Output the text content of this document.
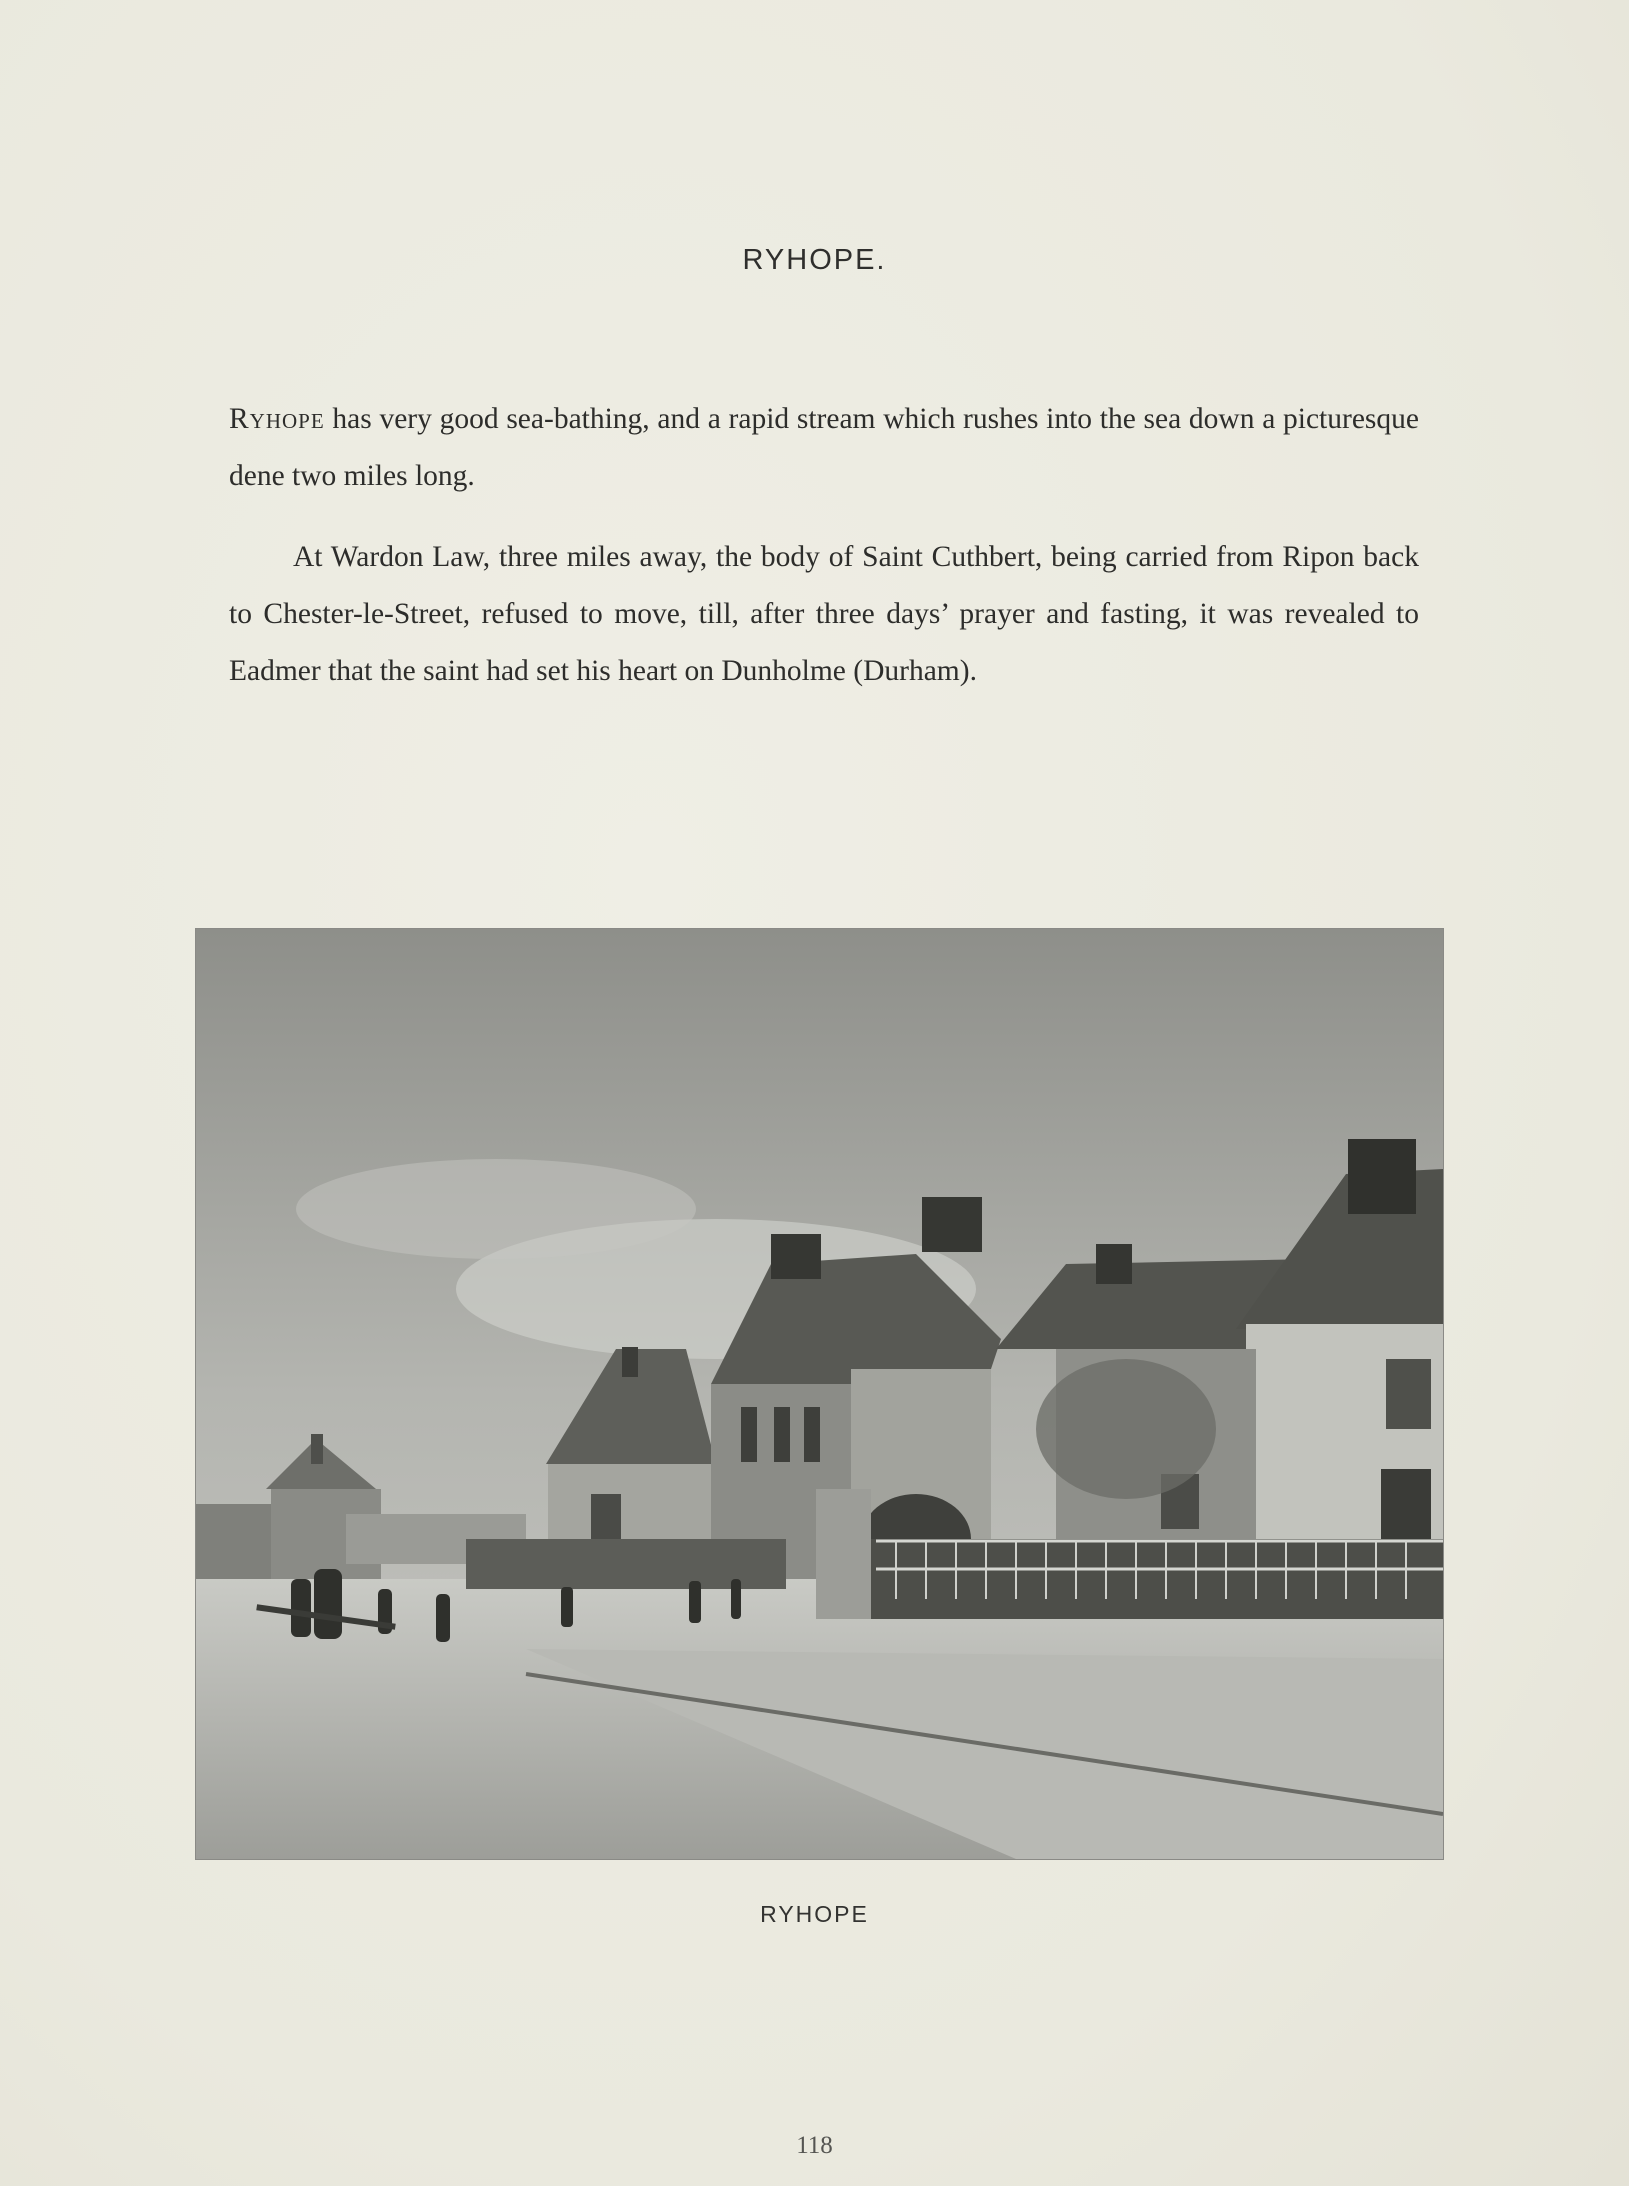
RYHOPE.

Ryhope has very good sea-bathing, and a rapid stream which rushes into the sea down a picturesque dene two miles long.

At Wardon Law, three miles away, the body of Saint Cuthbert, being carried from Ripon back to Chester-le-Street, refused to move, till, after three days’ prayer and fasting, it was revealed to Eadmer that the saint had set his heart on Dunholme (Durham).

RYHOPE
118
